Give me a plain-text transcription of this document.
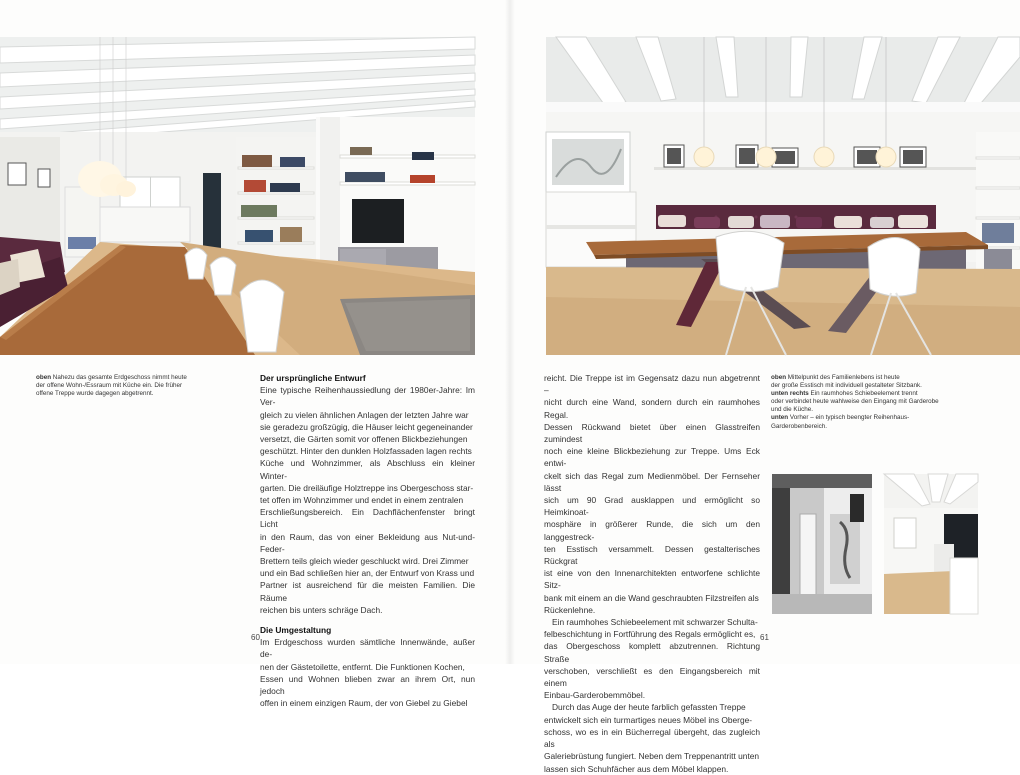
oben Nahezu das gesamte Erdgeschoss nimmt heute
der offene Wohn-/Essraum mit Küche ein. Die früher
offene Treppe wurde dagegen abgetrennt.
Der ursprüngliche Entwurf

Eine typische Reihenhaussiedlung der 1980er-Jahre: Im Ver-

gleich zu vielen ähnlichen Anlagen der letzten Jahre war

sie geradezu großzügig, die Häuser leicht gegeneinander

versetzt, die Gärten somit vor offenen Blickbeziehungen

geschützt. Hinter den dunklen Holzfassaden lagen rechts

Küche und Wohnzimmer, als Abschluss ein kleiner Winter-

garten. Die dreiläufige Holztreppe ins Obergeschoss star-

tet offen im Wohnzimmer und endet in einem zentralen

Erschließungsbereich. Ein Dachflächenfenster bringt Licht

in den Raum, das von einer Bekleidung aus Nut-und-Feder-

Brettern teils gleich wieder geschluckt wird. Drei Zimmer

und ein Bad schließen hier an, der Entwurf von Krass und

Partner ist ausreichend für die meisten Familien. Die Räume

reichen bis unters schräge Dach.

Die Umgestaltung

Im Erdgeschoss wurden sämtliche Innenwände, außer de-

nen der Gästetoilette, entfernt. Die Funktionen Kochen,

Essen und Wohnen blieben zwar an ihrem Ort, nun jedoch

offen in einem einzigen Raum, der von Giebel zu Giebel

60

reicht. Die Treppe ist im Gegensatz dazu nun abgetrennt –

nicht durch eine Wand, sondern durch ein raumhohes Regal.

Dessen Rückwand bietet über einen Glasstreifen zumindest

noch eine kleine Blickbeziehung zur Treppe. Ums Eck entwi-

ckelt sich das Regal zum Medienmöbel. Der Fernseher lässt

sich um 90 Grad ausklappen und ermöglicht so Heimkinoat-

mosphäre in größerer Runde, die sich um den langgestreck-

ten Esstisch versammelt. Dessen gestalterisches Rückgrat

ist eine von den Innenarchitekten entworfene schlichte Sitz-

bank mit einem an die Wand geschraubten Filzstreifen als

Rückenlehne.

Ein raumhohes Schiebeelement mit schwarzer Schulta-

felbeschichtung in Fortführung des Regals ermöglicht es,

das Obergeschoss komplett abzutrennen. Richtung Straße

verschoben, verschließt es den Eingangsbereich mit einem

Einbau-Garderobemmöbel.

Durch das Auge der heute farblich gefassten Treppe

entwickelt sich ein turmartiges neues Möbel ins Oberge-

schoss, wo es in ein Bücherregal übergeht, das zugleich als

Galeriebrüstung fungiert. Neben dem Treppenantritt unten

lassen sich Schuhfächer aus dem Möbel klappen.

oben Mittelpunkt des Familienlebens ist heute
der große Esstisch mit individuell gestalteter Sitzbank.
unten rechts Ein raumhohes Schiebeelement trennt
oder verbindet heute wahlweise den Eingang mit Garderobe
und die Küche.
unten Vorher – ein typisch beengter Reihenhaus-
Garderobenbereich.
61
